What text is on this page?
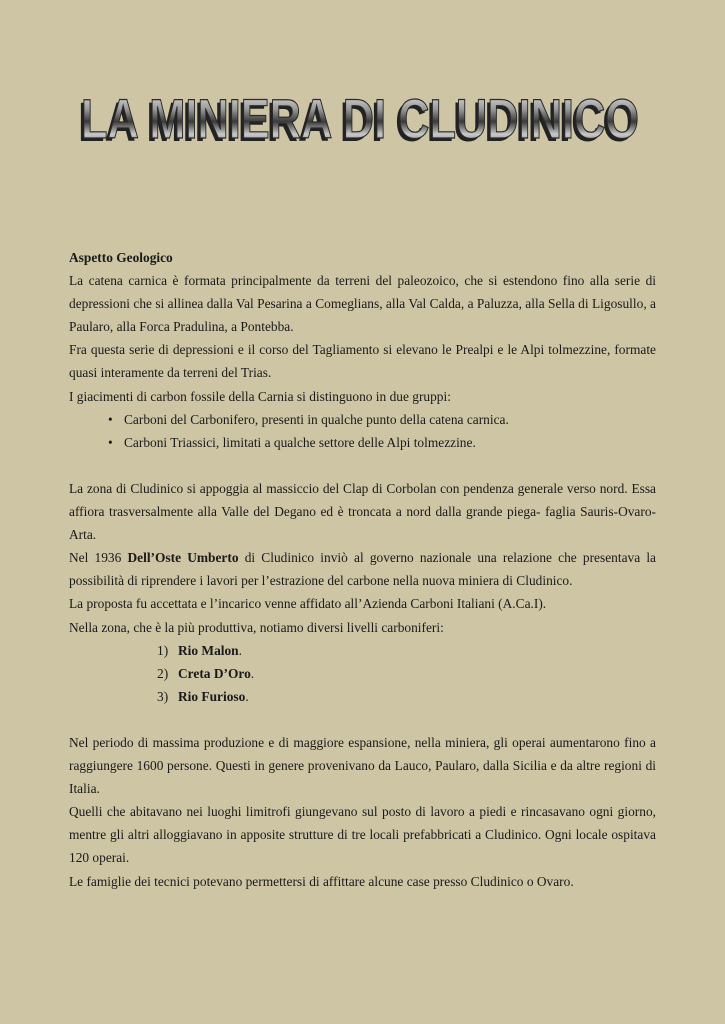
LA MINIERA DI CLUDINICO
LA MINIERA DI CLUDINICO

Aspetto Geologico

La catena carnica è formata principalmente da terreni del paleozoico, che si estendono fino alla serie di depressioni che si allinea dalla Val Pesarina a Comeglians, alla Val Calda, a Paluzza, alla Sella di Ligosullo, a Paularo, alla Forca Pradulina, a Pontebba.

Fra questa serie di depressioni e il corso del Tagliamento si elevano le Prealpi e le Alpi tolmezzine, formate quasi interamente da terreni del Trias.

I giacimenti di carbon fossile della Carnia si distinguono in due gruppi:

• Carboni del Carbonifero, presenti in qualche punto della catena carnica.
• Carboni Triassici, limitati a qualche settore delle Alpi tolmezzine.

La zona di Cludinico si appoggia al massiccio del Clap di Corbolan con pendenza generale verso nord. Essa affiora trasversalmente alla Valle del Degano ed è troncata a nord dalla grande piega- faglia Sauris-Ovaro-Arta.

Nel 1936 Dell’Oste Umberto di Cludinico inviò al governo nazionale una relazione che presentava la possibilità di riprendere i lavori per l’estrazione del carbone nella nuova miniera di Cludinico.

La proposta fu accettata e l’incarico venne affidato all’Azienda Carboni Italiani (A.Ca.I).

Nella zona, che è la più produttiva, notiamo diversi livelli carboniferi:

1) Rio Malon.
2) Creta D’Oro.
3) Rio Furioso.

Nel periodo di massima produzione e di maggiore espansione, nella miniera, gli operai aumentarono fino a raggiungere 1600 persone. Questi in genere provenivano da Lauco, Paularo, dalla Sicilia e da altre regioni di Italia.

Quelli che abitavano nei luoghi limitrofi giungevano sul posto di lavoro a piedi e rincasavano ogni giorno, mentre gli altri alloggiavano in apposite strutture di tre locali prefabbricati a Cludinico. Ogni locale ospitava 120 operai.

Le famiglie dei tecnici potevano permettersi di affittare alcune case presso Cludinico o Ovaro.
